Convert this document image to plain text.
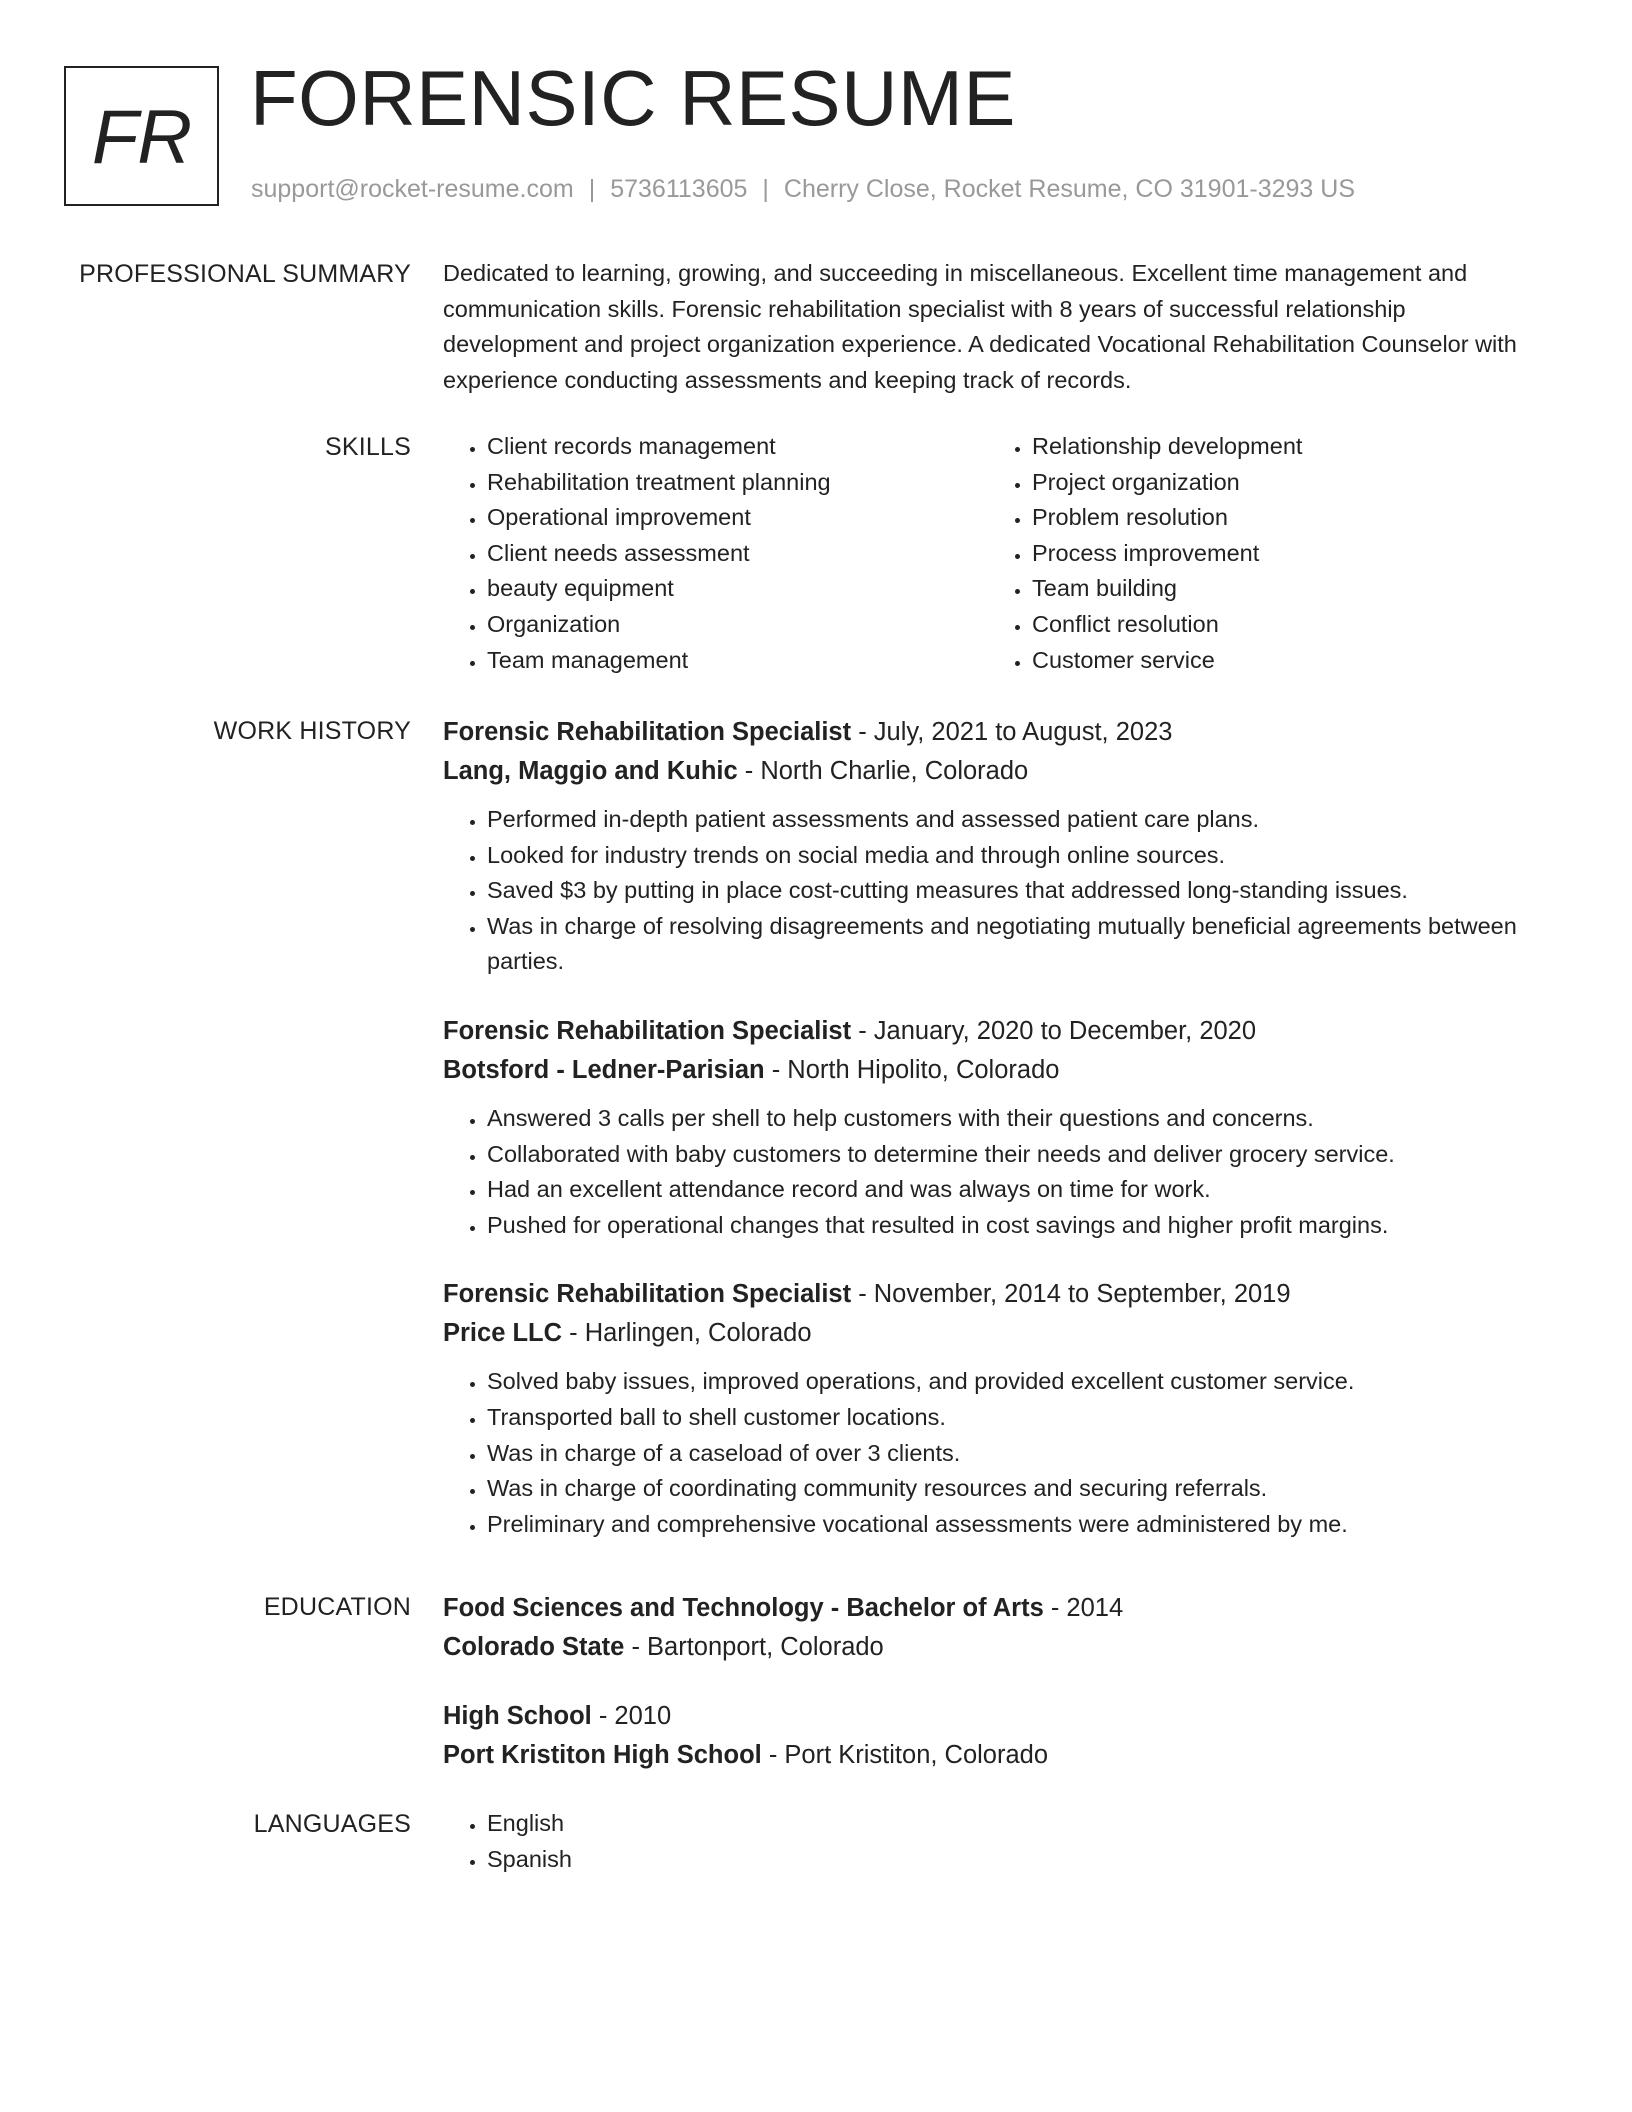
FR FORENSIC RESUME
support@rocket-resume.com | 5736113605 | Cherry Close, Rocket Resume, CO 31901-3293 US
PROFESSIONAL SUMMARY Dedicated to learning, growing, and succeeding in miscellaneous. Excellent time management and communication skills. Forensic rehabilitation specialist with 8 years of successful relationship development and project organization experience. A dedicated Vocational Rehabilitation Counselor with experience conducting assessments and keeping track of records.

SKILLS	• Client records management
• Rehabilitation treatment planning
• Operational improvement
• Client needs assessment
• beauty equipment
• Organization
• Team management
• Relationship development
• Project organization
• Problem resolution
• Process improvement
• Team building
• Conflict resolution
• Customer service
WORK HISTORY Forensic Rehabilitation Specialist - July, 2021 to August, 2023
Lang, Maggio and Kuhic - North Charlie, Colorado
• Performed in-depth patient assessments and assessed patient care plans.
• Looked for industry trends on social media and through online sources.
• Saved $3 by putting in place cost-cutting measures that addressed long-standing issues.
• Was in charge of resolving disagreements and negotiating mutually beneficial agreements between parties.
Forensic Rehabilitation Specialist - January, 2020 to December, 2020
Botsford - Ledner-Parisian - North Hipolito, Colorado
• Answered 3 calls per shell to help customers with their questions and concerns.
• Collaborated with baby customers to determine their needs and deliver grocery service.
• Had an excellent attendance record and was always on time for work.
• Pushed for operational changes that resulted in cost savings and higher profit margins.
Forensic Rehabilitation Specialist - November, 2014 to September, 2019
Price LLC - Harlingen, Colorado
• Solved baby issues, improved operations, and provided excellent customer service.
• Transported ball to shell customer locations.
• Was in charge of a caseload of over 3 clients.
• Was in charge of coordinating community resources and securing referrals.
• Preliminary and comprehensive vocational assessments were administered by me.
EDUCATION Food Sciences and Technology - Bachelor of Arts - 2014
Colorado State - Bartonport, Colorado
High School - 2010
Port Kristiton High School - Port Kristiton, Colorado
LANGUAGES	• English
• Spanish
